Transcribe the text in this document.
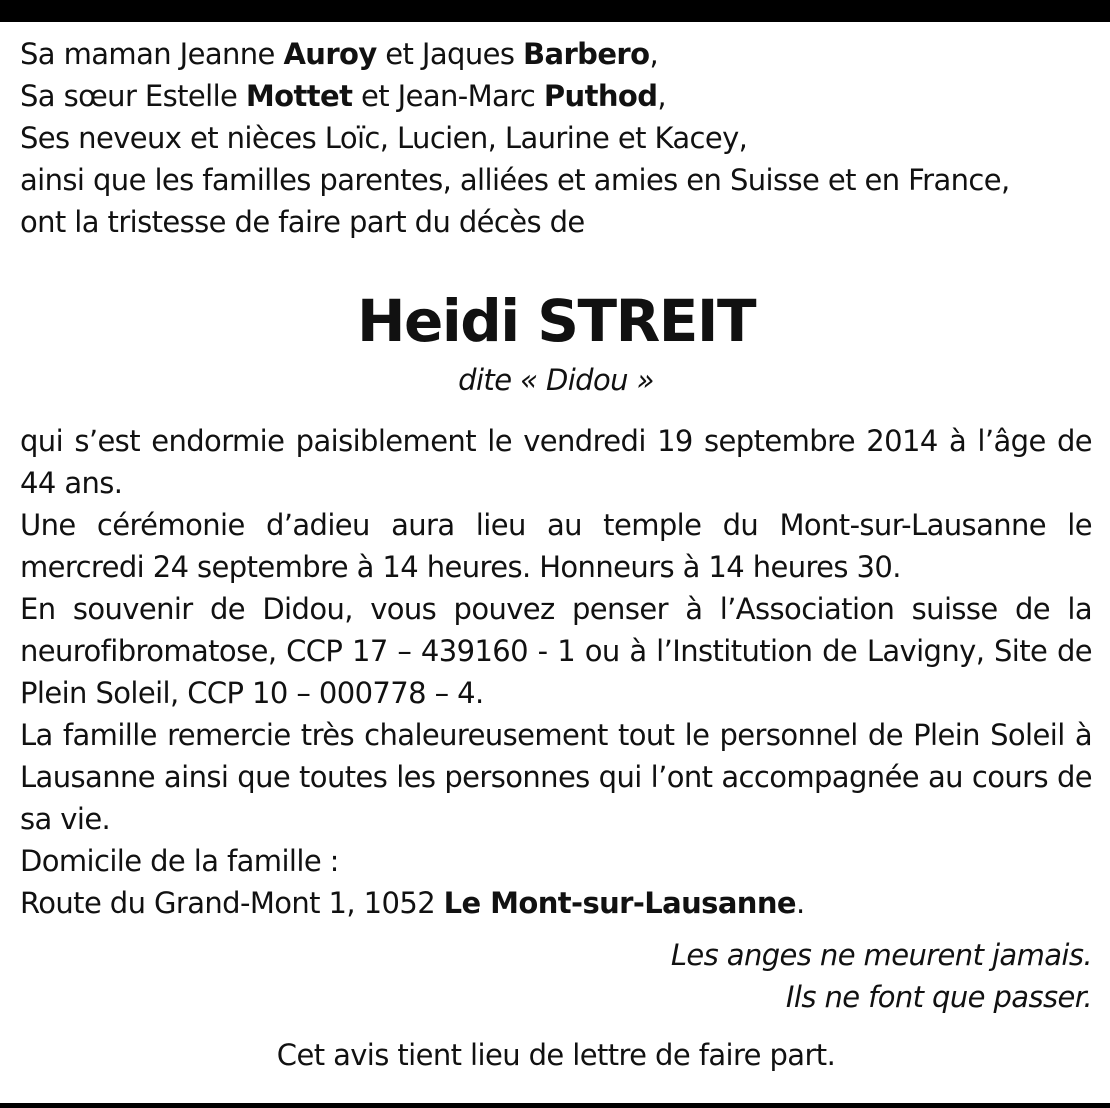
Sa maman Jeanne Auroy et Jaques Barbero,

Sa sœur Estelle Mottet et Jean-Marc Puthod,

Ses neveux et nièces Loïc, Lucien, Laurine et Kacey,

ainsi que les familles parentes, alliées et amies en Suisse et en France,

ont la tristesse de faire part du décès de

Heidi STREIT

dite « Didou »

qui s’est endormie paisiblement le vendredi 19 septembre 2014 à l’âge de 44 ans.

Une cérémonie d’adieu aura lieu au temple du Mont-sur-Lausanne le mercredi 24 septembre à 14 heures. Honneurs à 14 heures 30.

En souvenir de Didou, vous pouvez penser à l’Association suisse de la neurofibromatose, CCP 17 – 439160 - 1 ou à l’Institution de Lavigny, Site de Plein Soleil, CCP 10 – 000778 – 4.

La famille remercie très chaleureusement tout le personnel de Plein Soleil à Lausanne ainsi que toutes les personnes qui l’ont accompagnée au cours de sa vie.

Domicile de la famille :

Route du Grand-Mont 1, 1052 Le Mont-sur-Lausanne.

Les anges ne meurent jamais.

Ils ne font que passer.

Cet avis tient lieu de lettre de faire part.
